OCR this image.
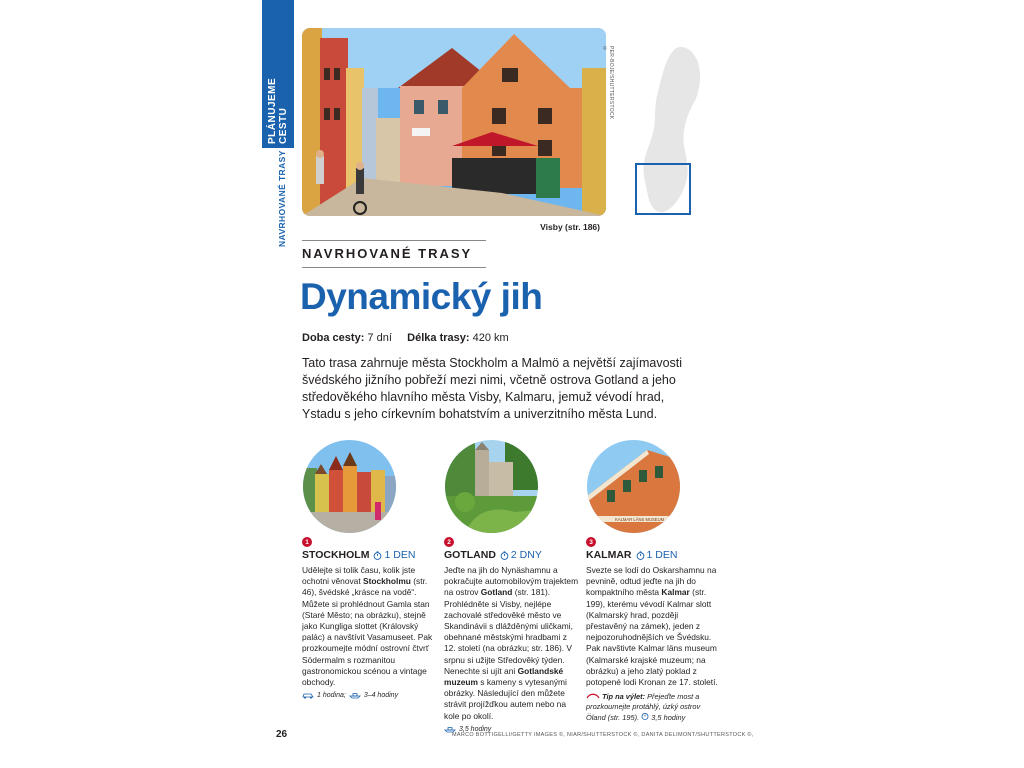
PLÁNUJEME CESTU
NAVRHOVANÉ TRASY
PER-BOJE/SHUTTERSTOCK ©
Visby (str. 186)
NAVRHOVANÉ TRASY
Dynamický jih
Doba cesty: 7 dní Délka trasy: 420 km
Tato trasa zahrnuje města Stockholm a Malmö a největší zajímavosti švédského jižního pobřeží mezi nimi, včetně ostrova Gotland a jeho středověkého hlavního města Visby, Kalmaru, jemuž vévodí hrad, Ystadu s jeho církevním bohatstvím a univerzitního města Lund.
1
STOCKHOLM 1 DEN
Udělejte si tolik času, kolik jste ochotni věnovat Stockholmu (str. 46), švédské „krásce na vodě“. Můžete si prohlédnout Gamla stan (Staré Město; na obrázku), stejně jako Kungliga slottet (Královský palác) a navštívit Vasamuseet. Pak prozkoumejte módní ostrovní čtvrť Södermalm s rozmanitou gastronomickou scénou a vintage obchody.
1 hodina;	3–4 hodiny
2
GOTLAND 2 DNY
Jeďte na jih do Nynäshamnu a pokračujte automobilovým trajektem na ostrov Gotland (str. 181). Prohlédněte si Visby, nejlépe zachovalé středověké město ve Skandinávii s dlážděnými uličkami, obehnané městskými hradbami z 12. století (na obrázku; str. 186). V srpnu si užijte Středověký týden. Nenechte si ujít ani Gotlandské muzeum s kameny s vytesanými obrázky. Následující den můžete strávit projížďkou autem nebo na kole po okolí.
3,5 hodiny
KALMAR LÄNS MUSEUM
3
KALMAR 1 DEN
Svezte se lodí do Oskarshamnu na pevnině, odtud jeďte na jih do kompaktního města Kalmar (str. 199), kterému vévodí Kalmar slott (Kalmarský hrad, později přestavěný na zámek), jeden z nejpozoruhodnějších ve Švédsku. Pak navštivte Kalmar läns museum (Kalmarské krajské muzeum; na obrázku) a jeho zlatý poklad z potopené lodi Kronan ze 17. století.
Tip na výlet: Přejeďte most a prozkoumejte protáhlý, úzký ostrov Öland (str. 195).  3,5 hodiny
26	MARCO BOTTIGELLI/GETTY IMAGES ©, NIAR/SHUTTERSTOCK ©, DANITA DELIMONT/SHUTTERSTOCK ©,
